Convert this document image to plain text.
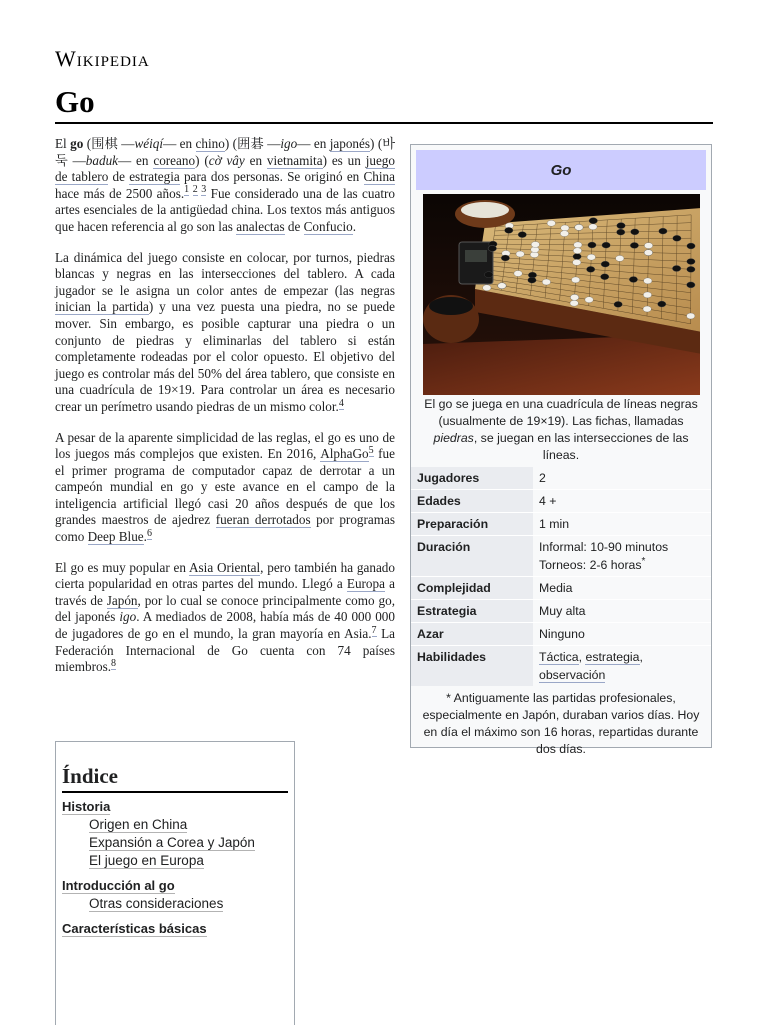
Wikipedia
Go

El go (围棋 —wéiqí— en chino) (囲碁 —igo— en japonés) (바둑 —baduk— en coreano) (cờ vây en vietnamita) es un juego de tablero de estrategia para dos personas. Se originó en China hace más de 2500 años.$^{1 2 3}$ Fue considerado una de las cuatro artes esenciales de la antigüedad china. Los textos más antiguos que hacen referencia al go son las analectas de Confucio.

La dinámica del juego consiste en colocar, por turnos, piedras blancas y negras en las intersecciones del tablero. A cada jugador se le asigna un color antes de empezar (las negras inician la partida) y una vez puesta una piedra, no se puede mover. Sin embargo, es posible capturar una piedra o un conjunto de piedras y eliminarlas del tablero si están completamente rodeadas por el color opuesto. El objetivo del juego es controlar más del 50% del área tablero, que consiste en una cuadrícula de 19×19. Para controlar un área es necesario crear un perímetro usando piedras de un mismo color.$^4$

A pesar de la aparente simplicidad de las reglas, el go es uno de los juegos más complejos que existen. En 2016, AlphaGo$^5$ fue el primer programa de computador capaz de derrotar a un campeón mundial en go y este avance en el campo de la inteligencia artificial llegó casi 20 años después de que los grandes maestros de ajedrez fueran derrotados por programas como Deep Blue.$^6$

El go es muy popular en Asia Oriental, pero también ha ganado cierta popularidad en otras partes del mundo. Llegó a Europa a través de Japón, por lo cual se conoce principalmente como go, del japonés igo. A mediados de 2008, había más de 40 000 000 de jugadores de go en el mundo, la gran mayoría en Asia.$^7$ La Federación Internacional de Go cuenta con 74 países miembros.$^8$

Índice
Historia
Origen en China
Expansión a Corea y Japón
El juego en Europa
Introducción al go
Otras consideraciones
Características básicas
Go
El go se juega en una cuadrícula de líneas negras (usualmente de 19×19). Las fichas, llamadas piedras, se juegan en las intersecciones de las líneas.
Jugadores	2
Edades	4 +
Preparación	1 min
Duración	Informal: 10-90 minutos
Torneos: 2-6 horas*

Complejidad	Media
Estrategia	Muy alta
Azar	Ninguno
Habilidades	Táctica, estrategia,
observación
* Antiguamente las partidas profesionales, especialmente en Japón, duraban varios días. Hoy en día el máximo son 16 horas, repartidas durante dos días.
